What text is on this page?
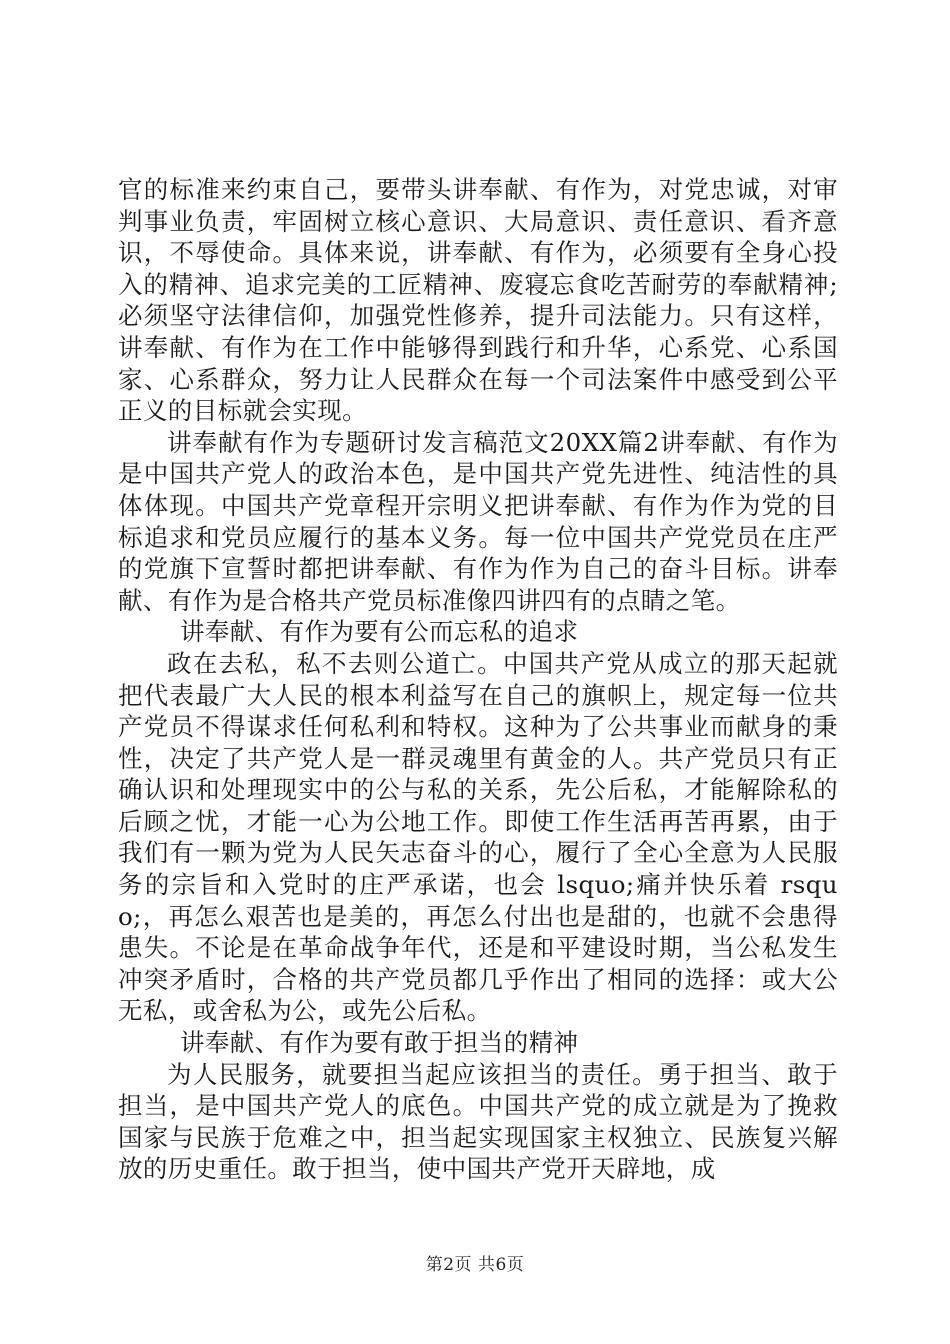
官的标准来约束自己，要带头讲奉献、有作为，对党忠诚，对审判事业负责，牢固树立核心意识、大局意识、责任意识、看齐意识，不辱使命。具体来说，讲奉献、有作为，必须要有全身心投入的精神、追求完美的工匠精神、废寝忘食吃苦耐劳的奉献精神;必须坚守法律信仰，加强党性修养，提升司法能力。只有这样，讲奉献、有作为在工作中能够得到践行和升华，心系党、心系国家、心系群众，努力让人民群众在每一个司法案件中感受到公平正义的目标就会实现。

讲奉献有作为专题研讨发言稿范文20XX篇2讲奉献、有作为是中国共产党人的政治本色，是中国共产党先进性、纯洁性的具体体现。中国共产党章程开宗明义把讲奉献、有作为作为党的目标追求和党员应履行的基本义务。每一位中国共产党党员在庄严的党旗下宣誓时都把讲奉献、有作为作为自己的奋斗目标。讲奉献、有作为是合格共产党员标准像四讲四有的点睛之笔。

讲奉献、有作为要有公而忘私的追求

政在去私，私不去则公道亡。中国共产党从成立的那天起就把代表最广大人民的根本利益写在自己的旗帜上，规定每一位共产党员不得谋求任何私利和特权。这种为了公共事业而献身的秉性，决定了共产党人是一群灵魂里有黄金的人。共产党员只有正确认识和处理现实中的公与私的关系，先公后私，才能解除私的后顾之忧，才能一心为公地工作。即使工作生活再苦再累，由于我们有一颗为党为人民矢志奋斗的心，履行了全心全意为人民服务的宗旨和入党时的庄严承诺，也会 lsquo;痛并快乐着 rsquo;，再怎么艰苦也是美的，再怎么付出也是甜的，也就不会患得患失。不论是在革命战争年代，还是和平建设时期，当公私发生冲突矛盾时，合格的共产党员都几乎作出了相同的选择：或大公无私，或舍私为公，或先公后私。

讲奉献、有作为要有敢于担当的精神

为人民服务，就要担当起应该担当的责任。勇于担当、敢于担当，是中国共产党人的底色。中国共产党的成立就是为了挽救国家与民族于危难之中，担当起实现国家主权独立、民族复兴解放的历史重任。敢于担当，使中国共产党开天辟地，成

第2页 共6页
